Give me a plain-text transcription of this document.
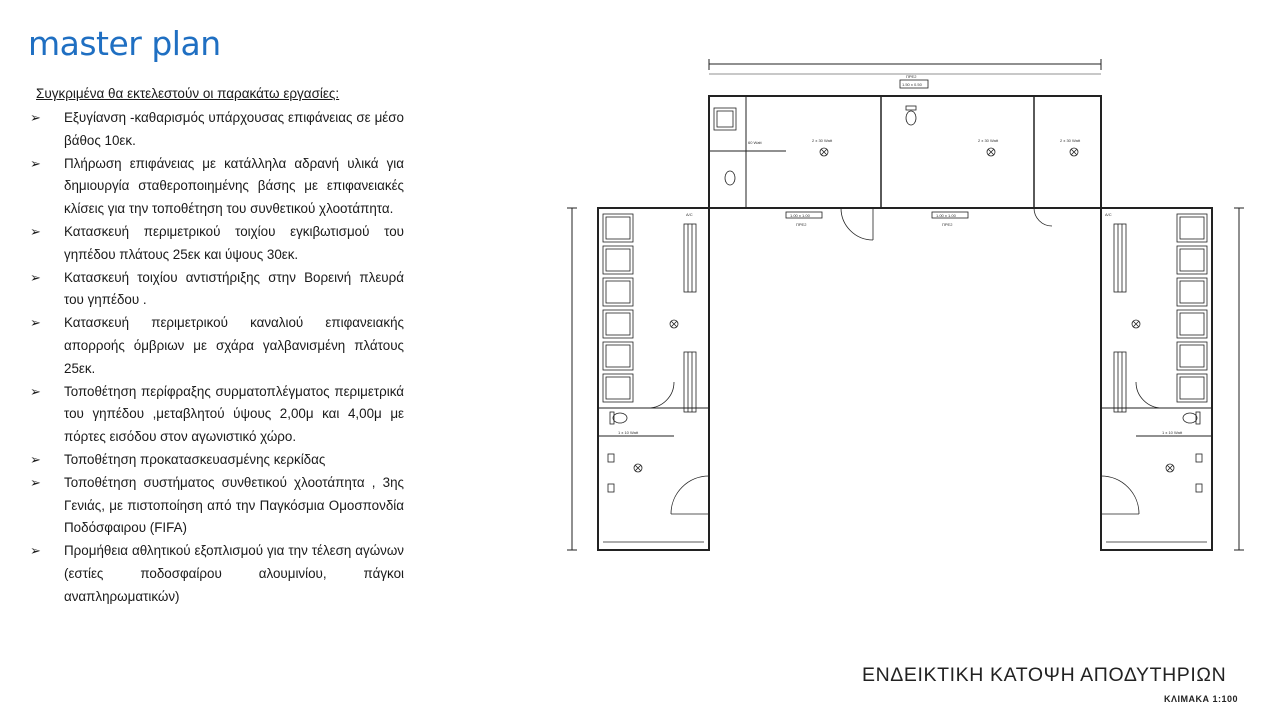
master plan
Συγκριμένα θα εκτελεστούν οι παρακάτω εργασίες:
➢ Εξυγίανση -καθαρισμός υπάρχουσας επιφάνειας σε μέσο βάθος 10εκ.
➢ Πλήρωση επιφάνειας με κατάλληλα αδρανή υλικά για δημιουργία σταθεροποιημένης βάσης με επιφανειακές κλίσεις για την τοποθέτηση του συνθετικού χλοοτάπητα.
➢ Κατασκευή περιμετρικού τοιχίου εγκιβωτισμού του γηπέδου πλάτους 25εκ και ύψους 30εκ.
➢ Κατασκευή τοιχίου αντιστήριξης στην Βορεινή πλευρά του γηπέδου .
➢ Κατασκευή περιμετρικού καναλιού επιφανειακής απορροής όμβριων με σχάρα γαλβανισμένη πλάτους 25εκ.
➢ Τοποθέτηση περίφραξης συρματοπλέγματος περιμετρικά του γηπέδου ,μεταβλητού ύψους 2,00μ και 4,00μ με πόρτες εισόδου στον αγωνιστικό χώρο.
➢ Τοποθέτηση προκατασκευασμένης κερκίδας
➢ Τοποθέτηση συστήματος συνθετικού χλοοτάπητα , 3ης Γενιάς, με πιστοποίηση από την Παγκόσμια Ομοσπονδία Ποδόσφαιρου (FIFA)
➢ Προμήθεια αθλητικού εξοπλισμού για την τέλεση αγώνων (εστίες ποδοσφαίρου αλουμινίου, πάγκοι αναπληρωματικών)
2 x 30 Watt	2 x 30 Watt	2 x 30 Watt
60 Watt
1 x 10 Watt	1 x 10 Watt
A/C	A/C
1.00 x 1.00	1.00 x 1.00
1.50 x 0.50
ΠΡΕ2	ΠΡΕ2
ΠΡΕ2
ΕΝΔΕΙΚΤΙΚΗ ΚΑΤΟΨΗ ΑΠΟΔΥΤΗΡΙΩΝ
ΚΛΙΜΑΚΑ 1:100
